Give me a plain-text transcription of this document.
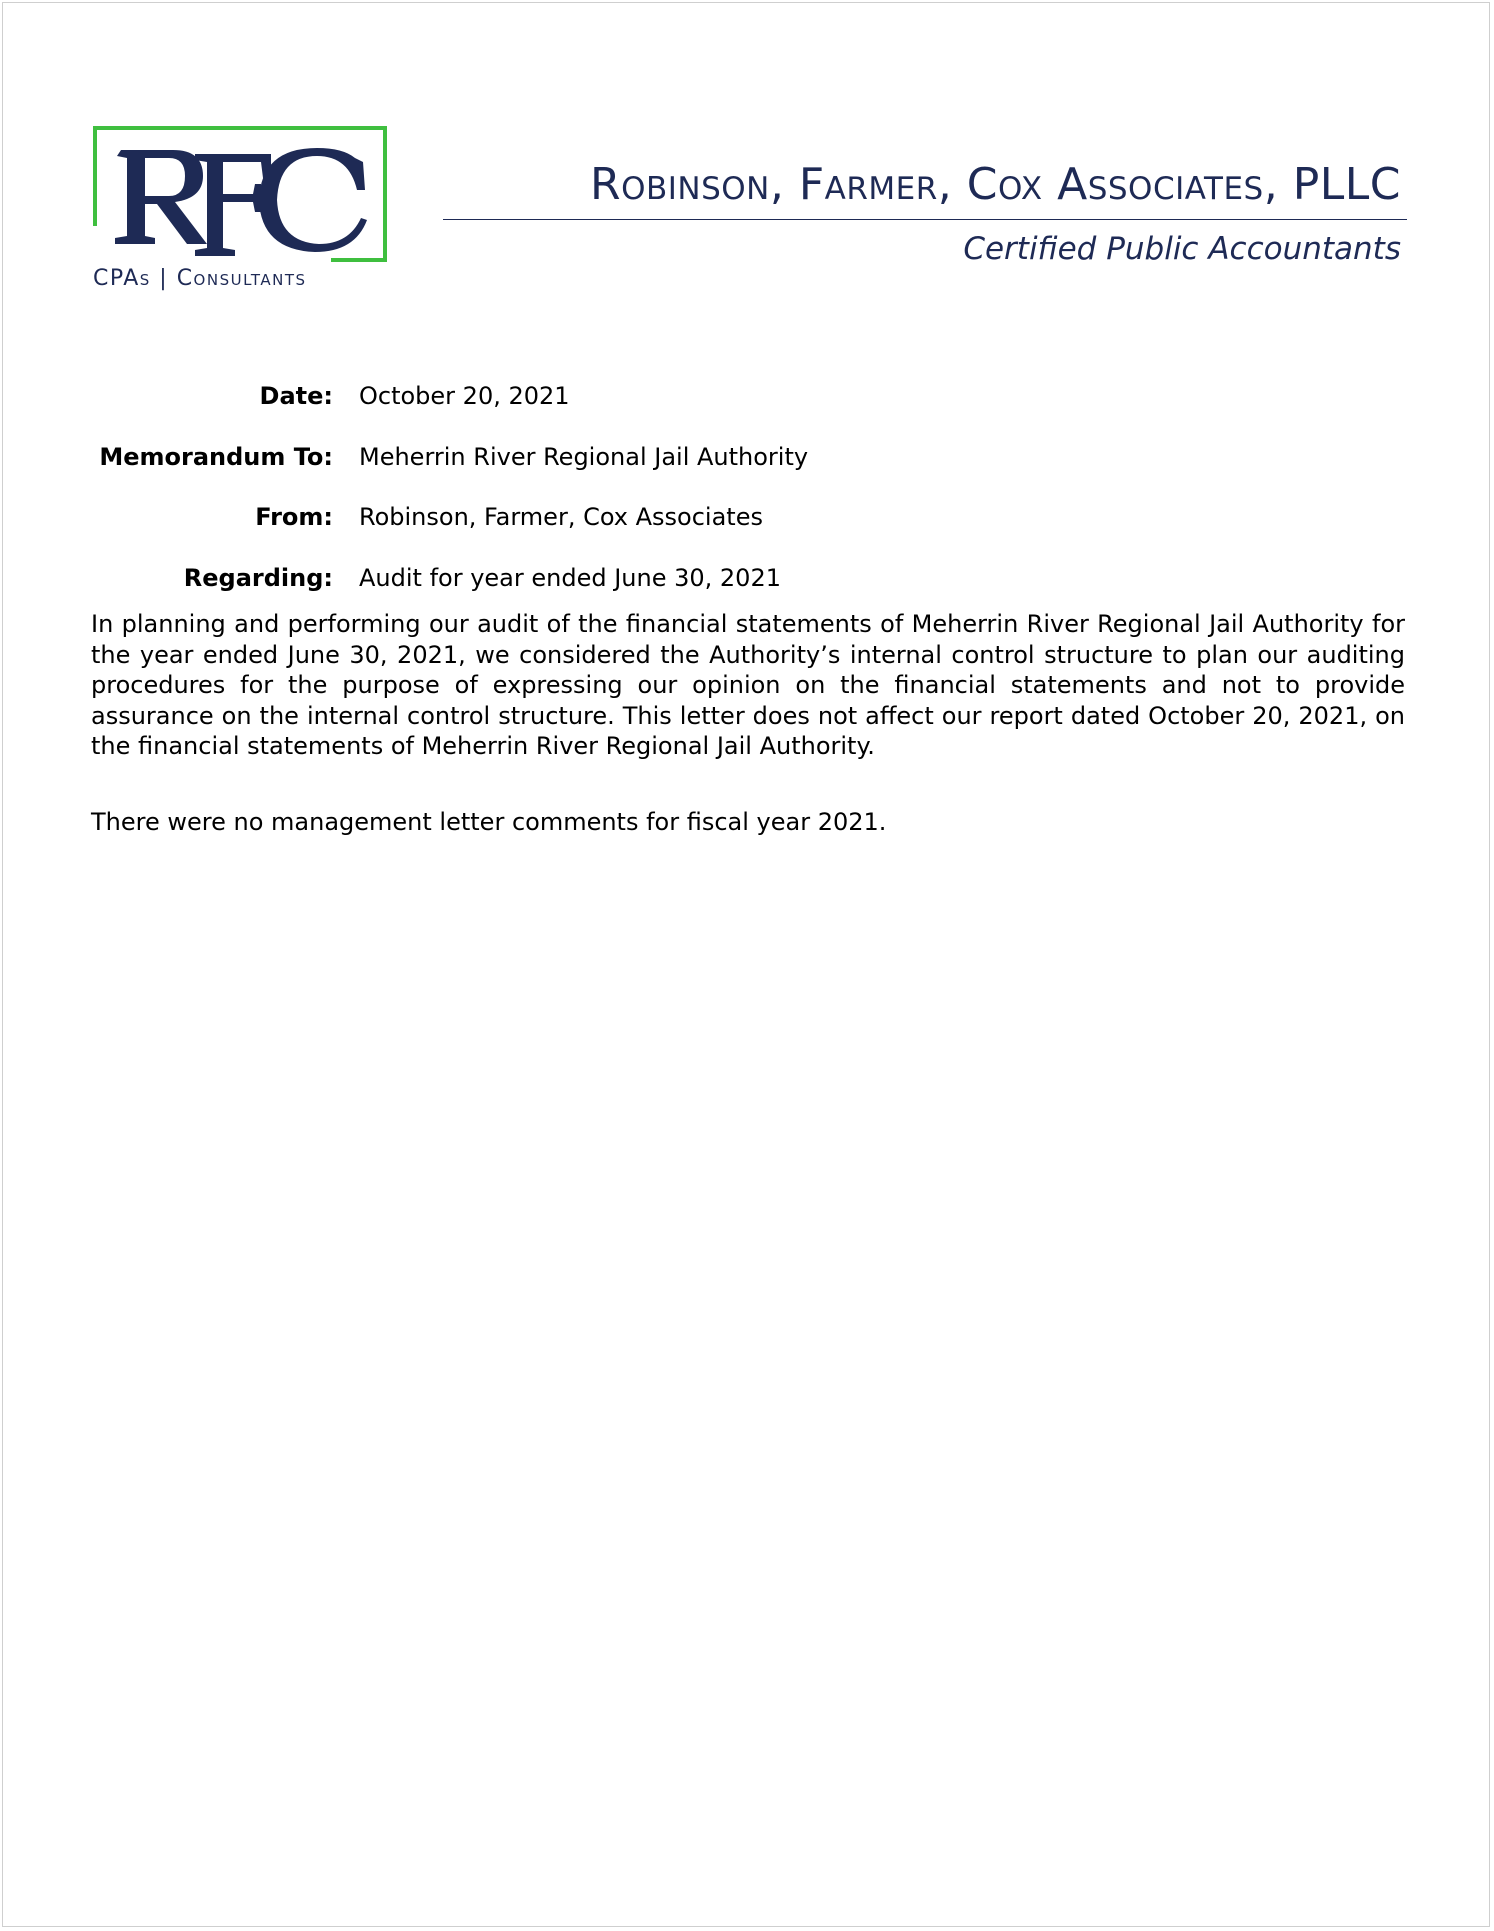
CPAs | Consultants
Robinson, Farmer, Cox Associates, PLLC
Certified Public Accountants
Date: October 20, 2021
Memorandum To: Meherrin River Regional Jail Authority
From: Robinson, Farmer, Cox Associates
Regarding: Audit for year ended June 30, 2021

In planning and performing our audit of the financial statements of Meherrin River Regional Jail Authority for the year ended June 30, 2021, we considered the Authority’s internal control structure to plan our auditing procedures for the purpose of expressing our opinion on the financial statements and not to provide assurance on the internal control structure. This letter does not affect our report dated October 20, 2021, on the financial statements of Meherrin River Regional Jail Authority.

There were no management letter comments for fiscal year 2021.
